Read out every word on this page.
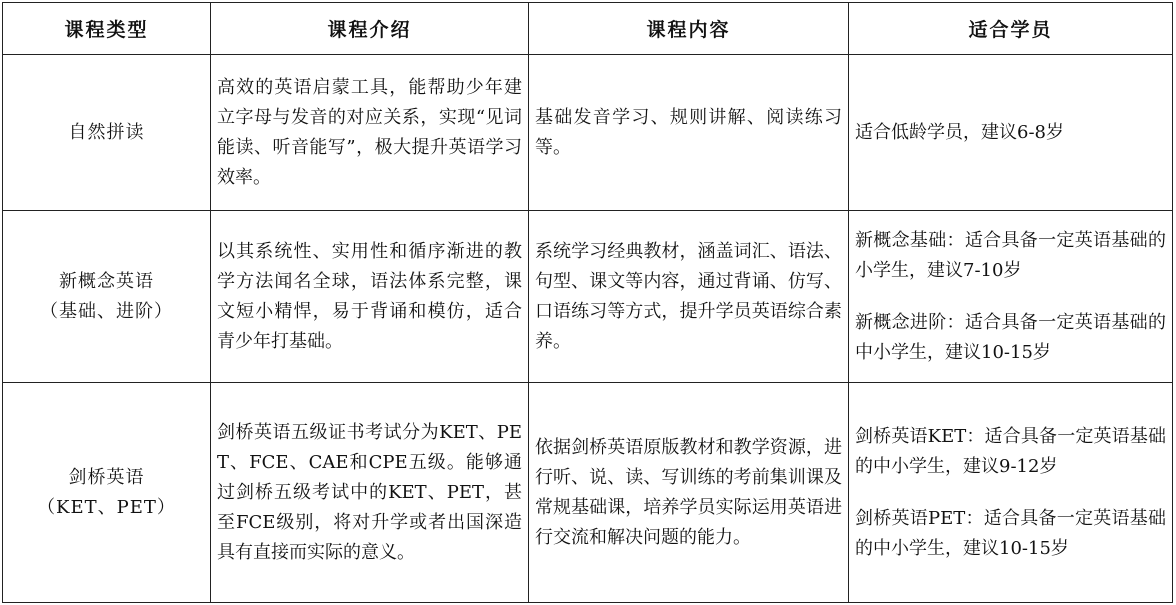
课程类型	课程介绍	课程内容	适合学员

自然拼读	高效的英语启蒙工具，能帮助少年建立字母与发音的对应关系，实现“见词能读、听音能写”，极大提升英语学习效率。	基础发音学习、规则讲解、阅读练习等。	适合低龄学员，建议6-8岁

新概念英语
（基础、进阶）	以其系统性、实用性和循序渐进的教学方法闻名全球，语法体系完整，课文短小精悍，易于背诵和模仿，适合青少年打基础。	系统学习经典教材，涵盖词汇、语法、句型、课文等内容，通过背诵、仿写、口语练习等方式，提升学员英语综合素养。	新概念基础：适合具备一定英语基础的小学生，建议7-10岁
新概念进阶：适合具备一定英语基础的中小学生，建议10-15岁

剑桥英语
（KET、PET）	剑桥英语五级证书考试分为KET、PET、FCE、CAE和CPE五级。能够通过剑桥五级考试中的KET、PET，甚至FCE级别，将对升学或者出国深造具有直接而实际的意义。	依据剑桥英语原版教材和教学资源，进行听、说、读、写训练的考前集训课及常规基础课，培养学员实际运用英语进行交流和解决问题的能力。	剑桥英语KET：适合具备一定英语基础的中小学生，建议9-12岁
剑桥英语PET：适合具备一定英语基础的中小学生，建议10-15岁
